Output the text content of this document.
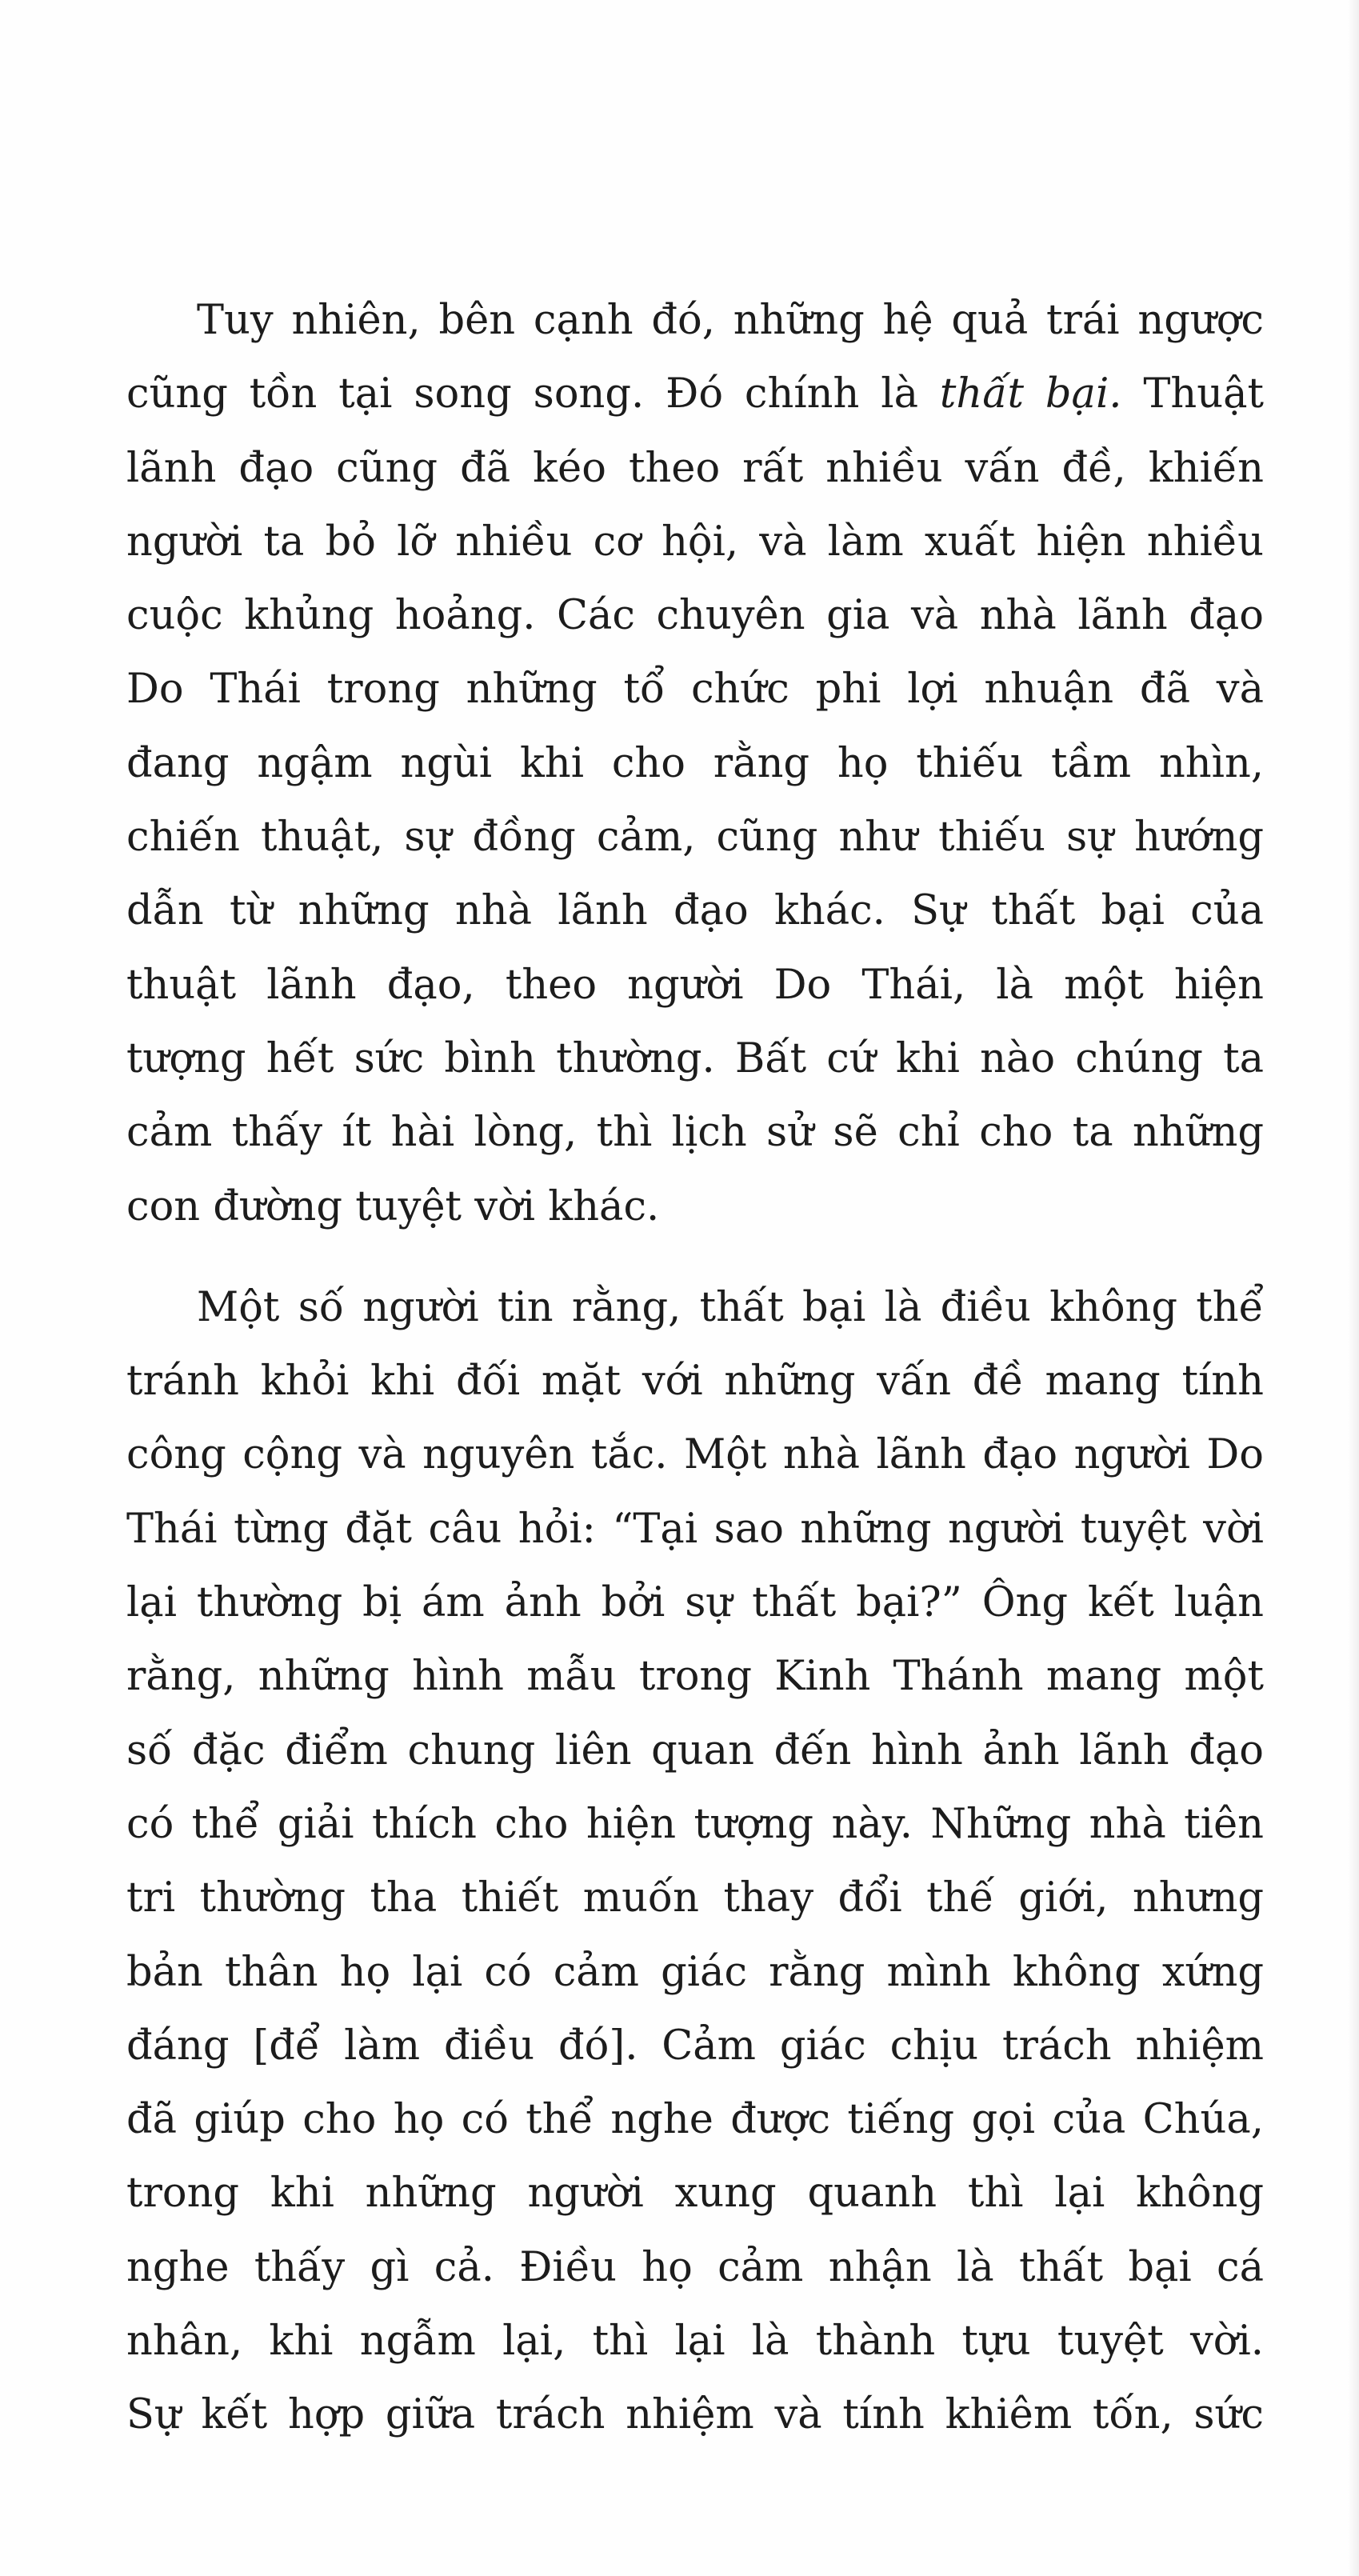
Tuy nhiên, bên cạnh đó, những hệ quả trái ngược
cũng tồn tại song song. Đó chính là thất bại. Thuật
lãnh đạo cũng đã kéo theo rất nhiều vấn đề, khiến
người ta bỏ lỡ nhiều cơ hội, và làm xuất hiện nhiều
cuộc khủng hoảng. Các chuyên gia và nhà lãnh đạo
Do Thái trong những tổ chức phi lợi nhuận đã và
đang ngậm ngùi khi cho rằng họ thiếu tầm nhìn,
chiến thuật, sự đồng cảm, cũng như thiếu sự hướng
dẫn từ những nhà lãnh đạo khác. Sự thất bại của
thuật lãnh đạo, theo người Do Thái, là một hiện
tượng hết sức bình thường. Bất cứ khi nào chúng ta
cảm thấy ít hài lòng, thì lịch sử sẽ chỉ cho ta những
con đường tuyệt vời khác.
Một số người tin rằng, thất bại là điều không thể
tránh khỏi khi đối mặt với những vấn đề mang tính
công cộng và nguyên tắc. Một nhà lãnh đạo người Do
Thái từng đặt câu hỏi: “Tại sao những người tuyệt vời
lại thường bị ám ảnh bởi sự thất bại?” Ông kết luận
rằng, những hình mẫu trong Kinh Thánh mang một
số đặc điểm chung liên quan đến hình ảnh lãnh đạo
có thể giải thích cho hiện tượng này. Những nhà tiên
tri thường tha thiết muốn thay đổi thế giới, nhưng
bản thân họ lại có cảm giác rằng mình không xứng
đáng [để làm điều đó]. Cảm giác chịu trách nhiệm
đã giúp cho họ có thể nghe được tiếng gọi của Chúa,
trong khi những người xung quanh thì lại không
nghe thấy gì cả. Điều họ cảm nhận là thất bại cá
nhân, khi ngẫm lại, thì lại là thành tựu tuyệt vời.
Sự kết hợp giữa trách nhiệm và tính khiêm tốn, sức
